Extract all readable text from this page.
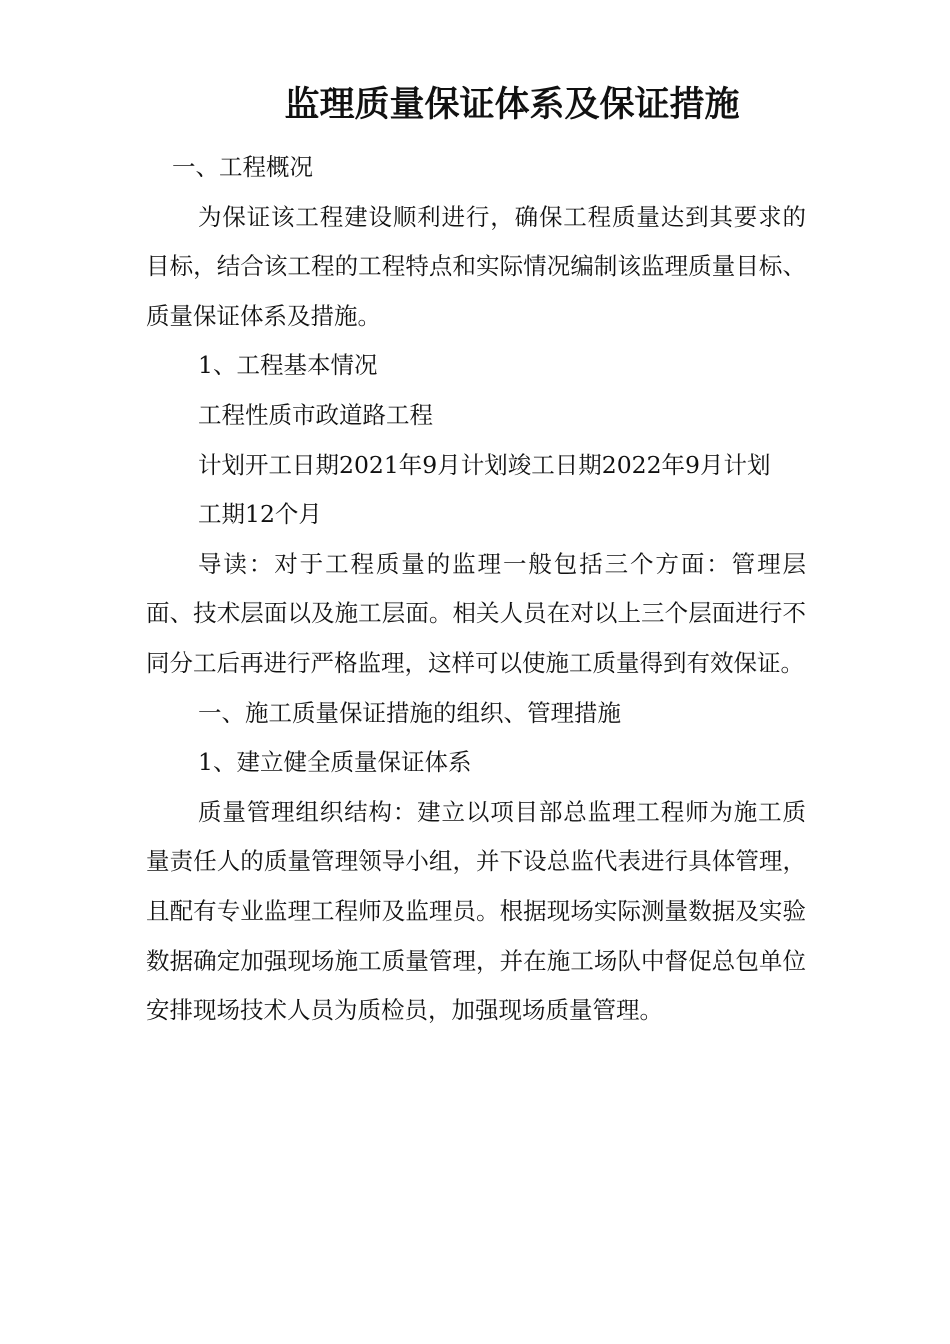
监理质量保证体系及保证措施

一、工程概况

为保证该工程建设顺利进行，确保工程质量达到其要求的目标，结合该工程的工程特点和实际情况编制该监理质量目标、质量保证体系及措施。

1、工程基本情况

工程性质市政道路工程

计划开工日期2021年9月计划竣工日期2022年9月计划

工期12个月

导读：对于工程质量的监理一般包括三个方面：管理层面、技术层面以及施工层面。相关人员在对以上三个层面进行不同分工后再进行严格监理，这样可以使施工质量得到有效保证。

一、施工质量保证措施的组织、管理措施

1、建立健全质量保证体系

质量管理组织结构：建立以项目部总监理工程师为施工质量责任人的质量管理领导小组，并下设总监代表进行具体管理，且配有专业监理工程师及监理员。根据现场实际测量数据及实验数据确定加强现场施工质量管理，并在施工场队中督促总包单位安排现场技术人员为质检员，加强现场质量管理。
